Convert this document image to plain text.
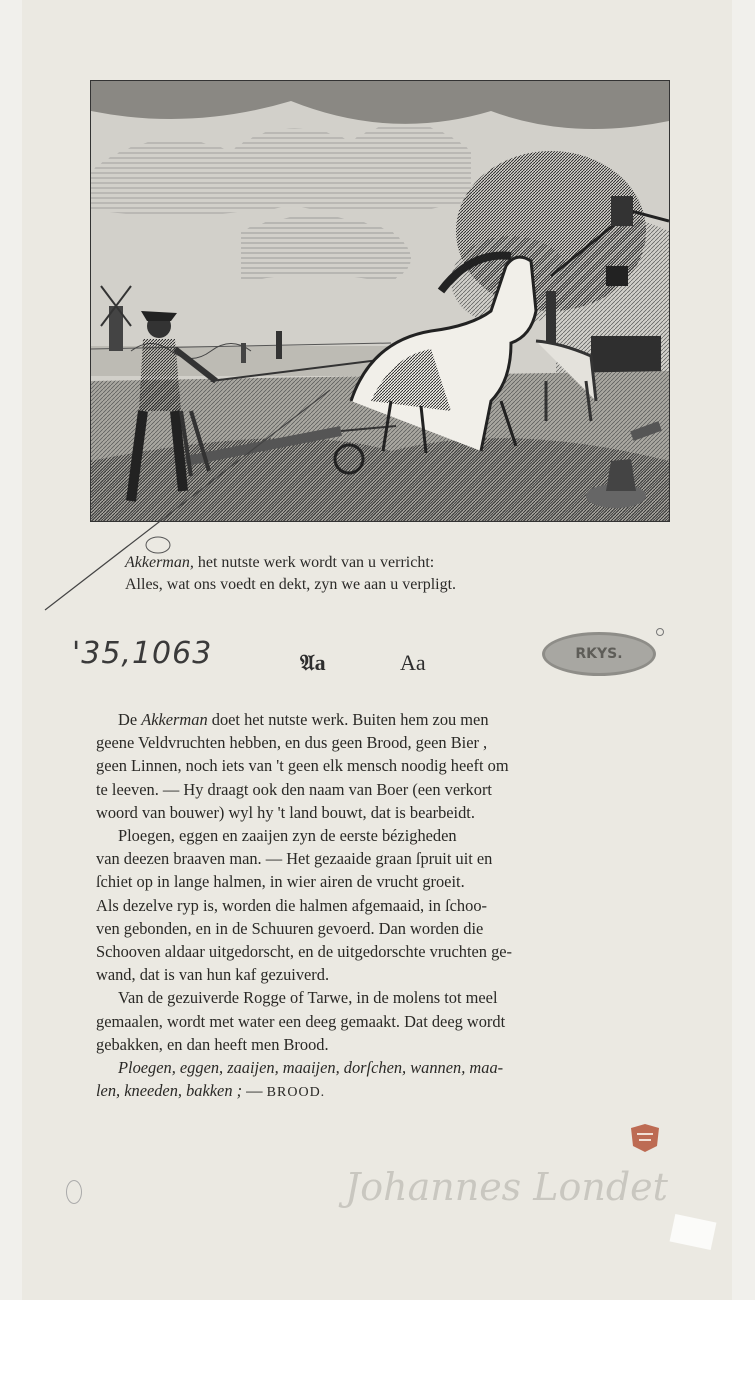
Akkerman, het nutste werk wordt van u verricht:
Alles, wat ons voedt en dekt, zyn we aan u verpligt.
'35,1063	𝔄a	Aa	RKYS.
De Akkerman doet het nutste werk. Buiten hem zou men
geene Veldvruchten hebben, en dus geen Brood, geen Bier ,
geen Linnen, noch iets van 't geen elk mensch noodig heeft om
te leeven. — Hy draagt ook den naam van Boer (een verkort
woord van bouwer) wyl hy 't land bouwt, dat is bearbeidt.
Ploegen, eggen en zaaijen zyn de eerste bézigheden
van deezen braaven man. — Het gezaaide graan ſpruit uit en
ſchiet op in lange halmen, in wier airen de vrucht groeit.
Als dezelve ryp is, worden die halmen afgemaaid, in ſchoo-
ven gebonden, en in de Schuuren gevoerd. Dan worden die
Schooven aldaar uitgedorscht, en de uitgedorschte vruchten ge-
wand, dat is van hun kaf gezuiverd.
Van de gezuiverde Rogge of Tarwe, in de molens tot meel
gemaalen, wordt met water een deeg gemaakt. Dat deeg wordt
gebakken, en dan heeft men Brood.
Ploegen, eggen, zaaijen, maaijen, dorſchen, wannen, maa-
len, kneeden, bakken ; — BROOD.
Johannes Londet
